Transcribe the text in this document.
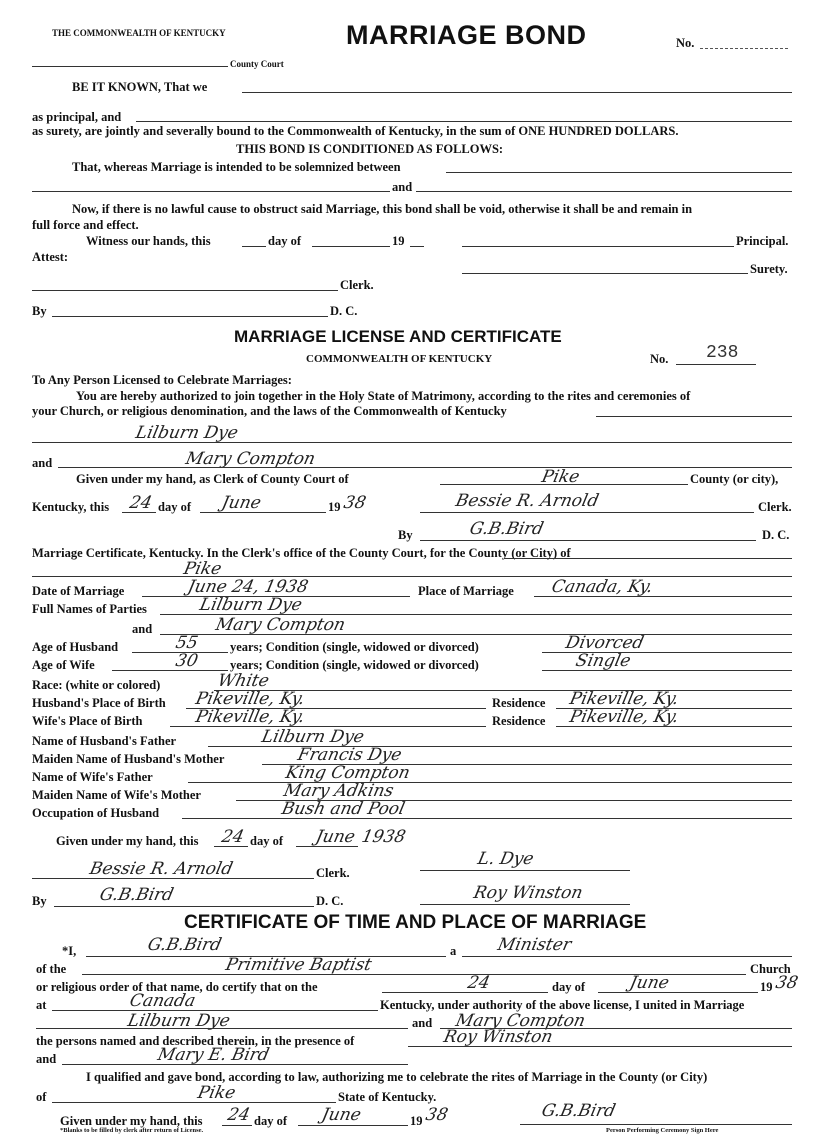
THE COMMONWEALTH OF KENTUCKY	MARRIAGE BOND	No.
County Court
BE IT KNOWN, That we
as principal, and
as surety, are jointly and severally bound to the Commonwealth of Kentucky, in the sum of ONE HUNDRED DOLLARS.
THIS BOND IS CONDITIONED AS FOLLOWS:
That, whereas Marriage is intended to be solemnized between
and
Now, if there is no lawful cause to obstruct said Marriage, this bond shall be void, otherwise it shall be and remain in
full force and effect.
Witness our hands, this	day of	19	Principal.
Attest:
Surety.
Clerk.
By	D. C.
MARRIAGE LICENSE AND CERTIFICATE
COMMONWEALTH OF KENTUCKY	No. 238
To Any Person Licensed to Celebrate Marriages:
You are hereby authorized to join together in the Holy State of Matrimony, according to the rites and ceremonies of
your Church, or religious denomination, and the laws of the Commonwealth of Kentucky
Lilburn Dye
and	Mary Compton
Given under my hand, as Clerk of County Court of	Pike	County (or city),
Kentucky, this 24 day of June	19 38	Bessie R. Arnold	Clerk.
By	G.B.Bird	D. C.
Marriage Certificate, Kentucky. In the Clerk's office of the County Court, for the County (or City) of
Pike
Date of Marriage	June 24, 1938	Place of Marriage Canada, Ky.
Full Names of Parties	Lilburn Dye
and	Mary Compton
Age of Husband	55 years; Condition (single, widowed or divorced)	Divorced
Age of Wife	30 years; Condition (single, widowed or divorced)	Single
Race: (white or colored)	White
Husband's Place of Birth Pikeville, Ky.	Residence Pikeville, Ky.
Wife's Place of Birth	Pikeville, Ky.	Residence Pikeville, Ky.
Name of Husband's Father	Lilburn Dye
Maiden Name of Husband's Mother	Francis Dye
Name of Wife's Father	King Compton
Maiden Name of Wife's Mother	Mary Adkins
Occupation of Husband	Bush and Pool
Given under my hand, this 24 day of June 1938
Bessie R. Arnold	Clerk.
L. Dye
By	G.B.Bird	D. C.	Roy Winston
CERTIFICATE OF TIME AND PLACE OF MARRIAGE
*I,	G.B.Bird	a Minister
of the	Primitive Baptist	Church
or religious order of that name, do certify that on the	24	day of	June	19 38
at	Canada	Kentucky, under authority of the above license, I united in Marriage
Lilburn Dye	and Mary Compton
the persons named and described therein, in the presence of	Roy Winston
and	Mary E. Bird
I qualified and gave bond, according to law, authorizing me to celebrate the rites of Marriage in the County (or City)
of	Pike	State of Kentucky.
Given under my hand, this 24 day of June	19 38	G.B.Bird
*Blanks to be filled by clerk after return of License.	Person Performing Ceremony Sign Here
